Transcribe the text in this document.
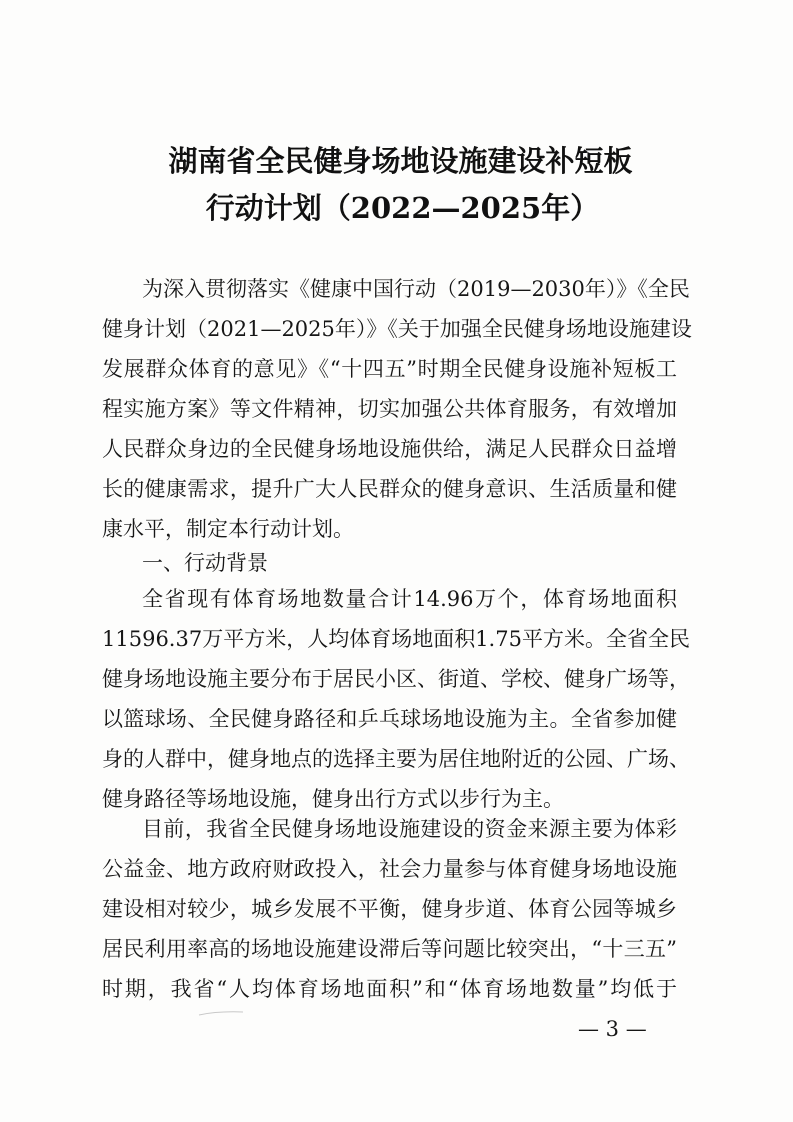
湖南省全民健身场地设施建设补短板
行动计划（2022—2025年）
为深入贯彻落实《健康中国行动（2019—2030年）》《全民
健身计划（2021—2025年）》《关于加强全民健身场地设施建设
发展群众体育的意见》《“十四五”时期全民健身设施补短板工
程实施方案》等文件精神，切实加强公共体育服务，有效增加
人民群众身边的全民健身场地设施供给，满足人民群众日益增
长的健康需求，提升广大人民群众的健身意识、生活质量和健
康水平，制定本行动计划。
一、行动背景
全省现有体育场地数量合计14.96万个，体育场地面积
11596.37万平方米，人均体育场地面积1.75平方米。全省全民
健身场地设施主要分布于居民小区、街道、学校、健身广场等，
以篮球场、全民健身路径和乒乓球场地设施为主。全省参加健
身的人群中，健身地点的选择主要为居住地附近的公园、广场、
健身路径等场地设施，健身出行方式以步行为主。
目前，我省全民健身场地设施建设的资金来源主要为体彩
公益金、地方政府财政投入，社会力量参与体育健身场地设施
建设相对较少，城乡发展不平衡，健身步道、体育公园等城乡
居民利用率高的场地设施建设滞后等问题比较突出，“十三五”
时期，我省“人均体育场地面积”和“体育场地数量”均低于
— 3 —
